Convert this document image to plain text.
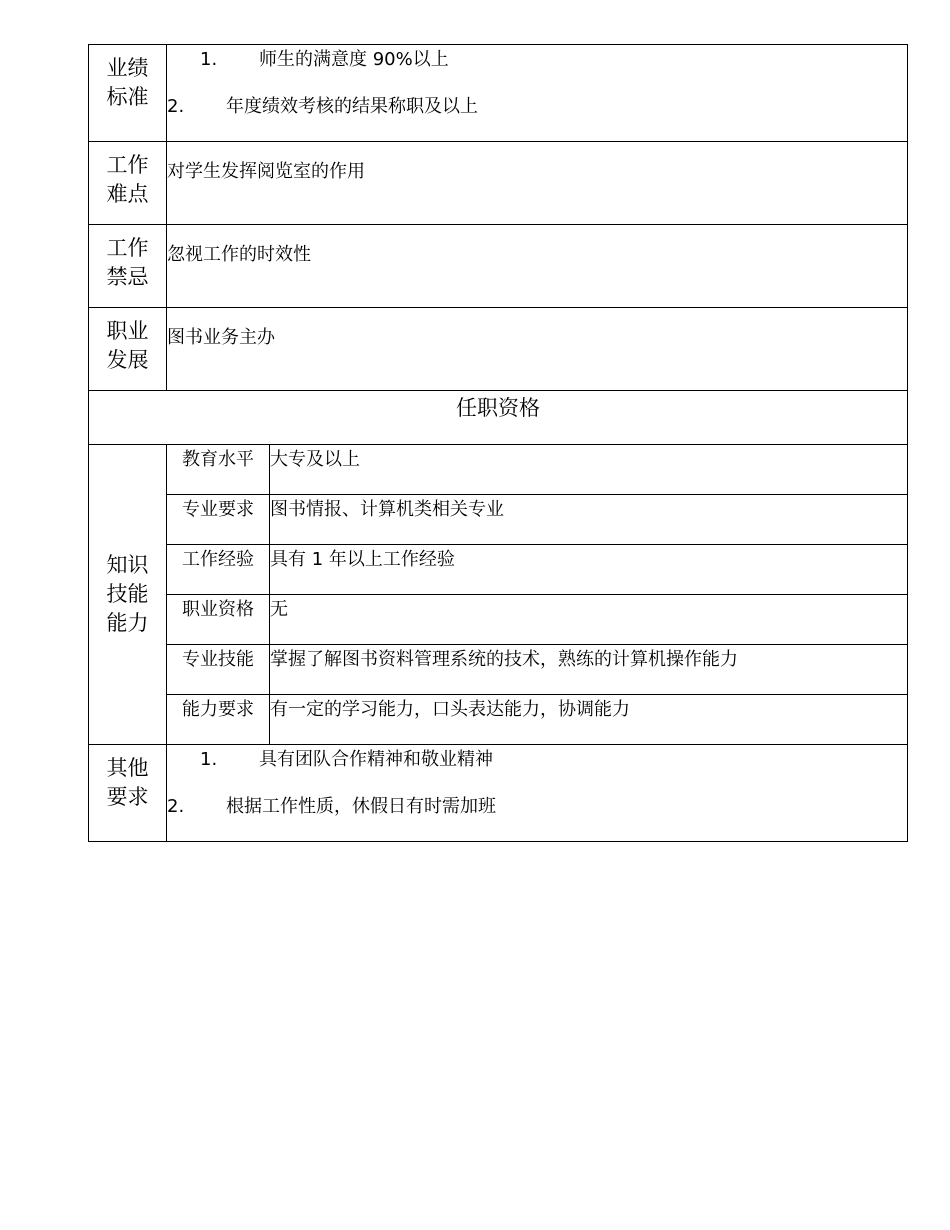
业绩标准	1. 师生的满意度 90%以上
2. 年度绩效考核的结果称职及以上	

工作难点	对学生发挥阅览室的作用	

工作禁忌	忽视工作的时效性	

职业发展	图书业务主办	
任职资格		

知识技能能力	教育水平	大专及以上
	专业要求	图书情报、计算机类相关专业
	工作经验	具有 1 年以上工作经验
	职业资格	无
	专业技能	掌握了解图书资料管理系统的技术，熟练的计算机操作能力
	能力要求	有一定的学习能力，口头表达能力，协调能力

其他要求	1. 具有团队合作精神和敬业精神
2. 根据工作性质，休假日有时需加班	
